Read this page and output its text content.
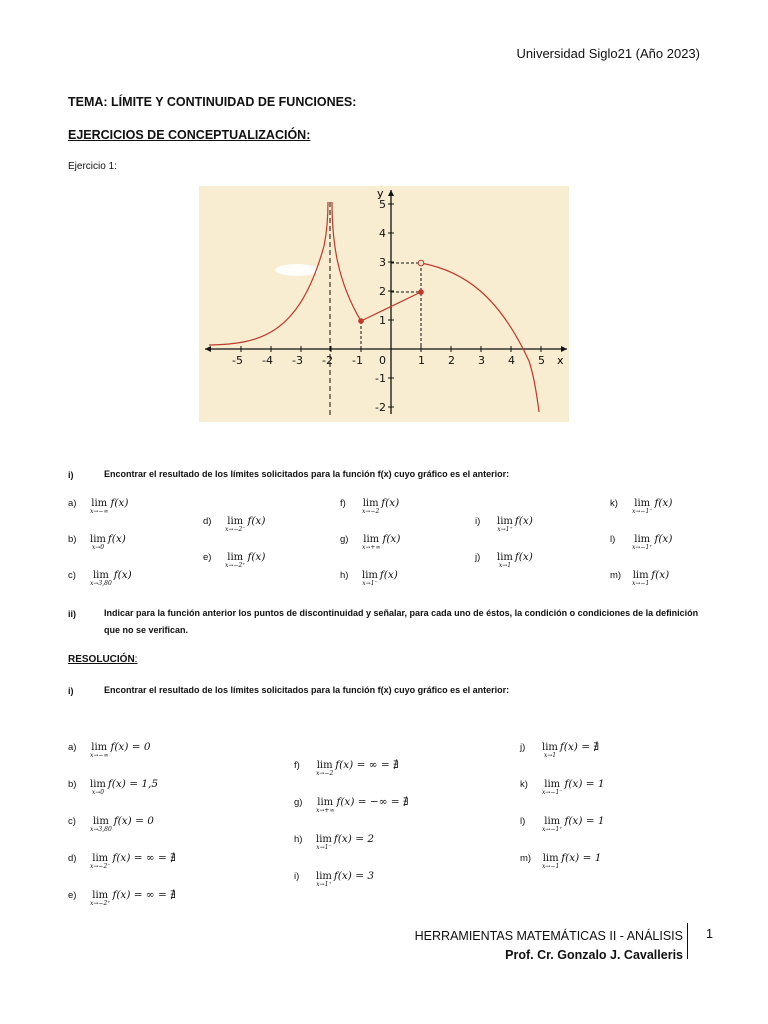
Universidad Siglo21 (Año 2023)
TEMA: LÍMITE Y CONTINUIDAD DE FUNCIONES:
EJERCICIOS DE CONCEPTUALIZACIÓN:
Ejercicio 1:
-5 -4 -3 -2 -1 0	1 2 3 4 5
5
4
3
2
1
-1
-2
x
y
i)	Encontrar el resultado de los límites solicitados para la función f(x) cuyo gráfico es el anterior:
a)	lim
x→−∞
f(x)
b)	lim
x→0
f(x)
c)	lim
x→3,80
f(x)
d)	lim
x→−2⁻
f(x)
e)	lim
x→−2⁺
f(x)
f)	lim
x→−2
f(x)
g)	lim
x→+∞
f(x)
h)	lim
x→1⁻
f(x)
i)	lim
x→1⁺
f(x)
j)	lim
x→1
f(x)
k)	lim
x→−1⁻
f(x)
l)	lim
x→−1⁺
f(x)
m)	lim
x→−1
f(x)
ii)	Indicar para la función anterior los puntos de discontinuidad y señalar, para cada uno de éstos, la condición o condiciones de la definición que no se verifican.
RESOLUCIÓN:
i)	Encontrar el resultado de los límites solicitados para la función f(x) cuyo gráfico es el anterior:
a)	lim
x→−∞
f(x) = 0
b)	lim
x→0
f(x) = 1,5
c)	lim
x→3,80
f(x) = 0
d)	lim
x→−2⁻
f(x) = ∞ = ∄
e)	lim
x→−2⁺
f(x) = ∞ = ∄
f)	lim
x→−2
f(x) = ∞ = ∄
g)	lim
x→+∞
f(x) = −∞ = ∄
h)	lim
x→1⁻
f(x) = 2
i)	lim
x→1⁺
f(x) = 3
j)	lim
x→1
f(x) = ∄
k)	lim
x→−1⁻
f(x) = 1
l)	lim
x→−1⁺
f(x) = 1
m)	lim
x→−1
f(x) = 1
HERRAMIENTAS MATEMÁTICAS II - ANÁLISIS
Prof. Cr. Gonzalo J. Cavalleris
1
